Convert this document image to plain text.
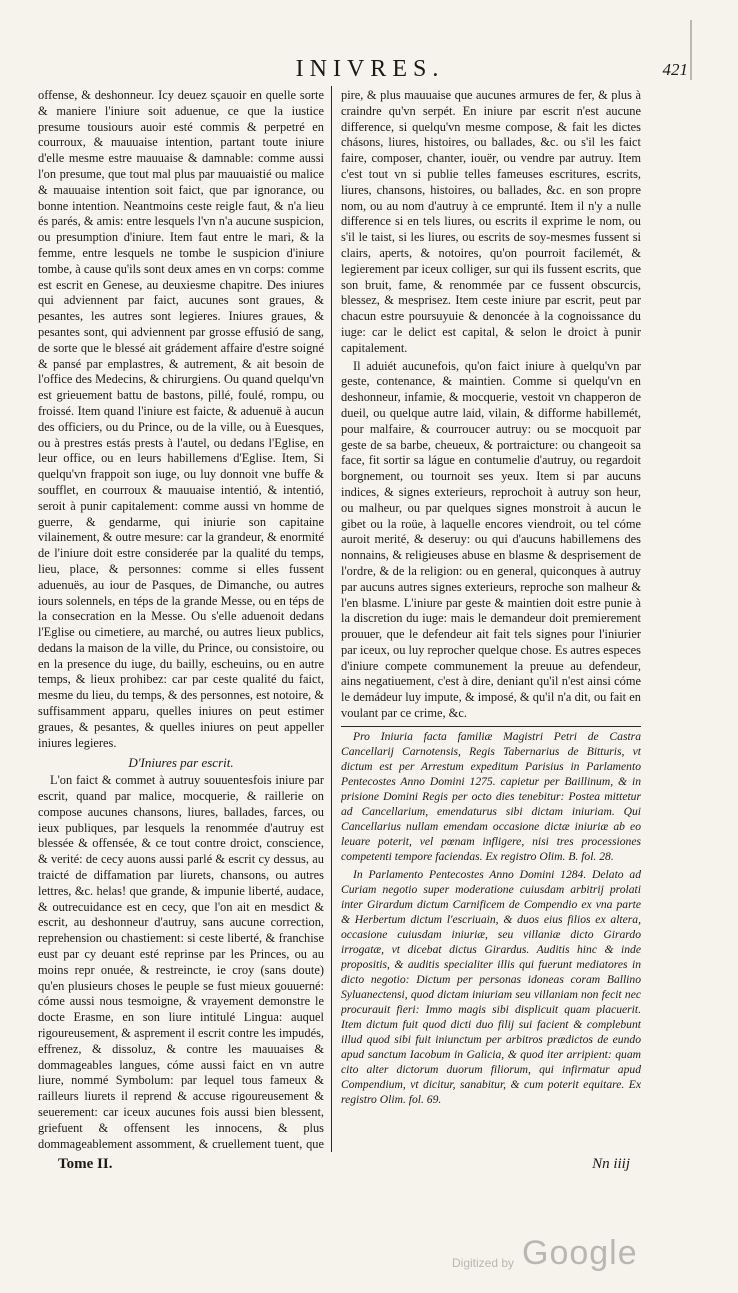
INIVRES.	421

offense, & deshonneur. Icy deuez sçauoir en quelle sorte & maniere l'iniure soit aduenue, ce que la iustice presume tousiours auoir esté commis & perpetré en courroux, & mauuaise intention, partant toute iniure d'elle mesme estre mauuaise & damnable: comme aussi l'on presume, que tout mal plus par mauuaistié ou malice & mauuaise intention soit faict, que par ignorance, ou bonne intention. Neantmoins ceste reigle faut, & n'a lieu és parés, & amis: entre lesquels l'vn n'a aucune suspicion, ou presumption d'iniure. Item faut entre le mari, & la femme, entre lesquels ne tombe le suspicion d'iniure tombe, à cause qu'ils sont deux ames en vn corps: comme est escrit en Genese, au deuxiesme chapitre. Des iniures qui adviennent par faict, aucunes sont graues, & pesantes, les autres sont legieres. Iniures graues, & pesantes sont, qui adviennent par grosse effusió de sang, de sorte que le blessé ait grádement affaire d'estre soigné & pansé par emplastres, & autrement, & ait besoin de l'office des Medecins, & chirurgiens. Ou quand quelqu'vn est grieuement battu de bastons, pillé, foulé, rompu, ou froissé. Item quand l'iniure est faicte, & aduenuë à aucun des officiers, ou du Prince, ou de la ville, ou à Euesques, ou à prestres estás prests à l'autel, ou dedans l'Eglise, en leur office, ou en leurs habillemens d'Eglise. Item, Si quelqu'vn frappoit son iuge, ou luy donnoit vne buffe & soufflet, en courroux & mauuaise intentió, & intentió, seroit à punir capitalement: comme aussi vn homme de guerre, & gendarme, qui iniurie son capitaine vilainement, & outre mesure: car la grandeur, & enormité de l'iniure doit estre considerée par la qualité du temps, lieu, place, & personnes: comme si elles fussent aduenuës, au iour de Pasques, de Dimanche, ou autres iours solennels, en téps de la grande Messe, ou en téps de la consecration en la Messe. Ou s'elle aduenoit dedans l'Eglise ou cimetiere, au marché, ou autres lieux publics, dedans la maison de la ville, du Prince, ou consistoire, ou en la presence du iuge, du bailly, escheuins, ou en autre temps, & lieux prohibez: car par ceste qualité du faict, mesme du lieu, du temps, & des personnes, est notoire, & suffisamment apparu, quelles iniures on peut estimer graues, & pesantes, & quelles iniures on peut appeller iniures legieres.

D'Iniures par escrit.

L'on faict & commet à autruy souuentesfois iniure par escrit, quand par malice, mocquerie, & raillerie on compose aucunes chansons, liures, ballades, farces, ou ieux publiques, par lesquels la renommée d'autruy est blessée & offensée, & ce tout contre droict, conscience, & verité: de cecy auons aussi parlé & escrit cy dessus, au traicté de diffamation par liurets, chansons, ou autres lettres, &c. helas! que grande, & impunie liberté, audace, & outrecuidance est en cecy, que l'on ait en mesdict & escrit, au deshonneur d'autruy, sans aucune correction, reprehension ou chastiement: si ceste liberté, & franchise eust par cy deuant esté reprinse par les Princes, ou au moins repr onuée, & restreincte, ie croy (sans doute) qu'en plusieurs choses le peuple se fust mieux gouuerné: cóme aussi nous tesmoigne, & vrayement demonstre le docte Erasme, en son liure intitulé Lingua: auquel rigoureusement, & asprement il escrit contre les impudés, effrenez, & dissoluz, & contre les mauuaises & dommageables langues, cóme aussi faict en vn autre liure, nommé Symbolum: par lequel tous fameux & railleurs liurets il reprend & accuse rigoureusement & seuerement: car iceux aucunes fois aussi bien blessent, griefuent & offensent les innocens, & plus dommageablement assomment, & cruellement tuent, que

pire, & plus mauuaise que aucunes armures de fer, & plus à craindre qu'vn serpét. En iniure par escrit n'est aucune difference, si quelqu'vn mesme compose, & fait les dictes chásons, liures, histoires, ou ballades, &c. ou s'il les faict faire, composer, chanter, iouër, ou vendre par autruy. Item c'est tout vn si publie telles fameuses escritures, escrits, liures, chansons, histoires, ou ballades, &c. en son propre nom, ou au nom d'autruy à ce emprunté. Item il n'y a nulle difference si en tels liures, ou escrits il exprime le nom, ou s'il le taist, si les liures, ou escrits de soy-mesmes fussent si clairs, aperts, & notoires, qu'on pourroit facilemét, & legierement par iceux colliger, sur qui ils fussent escrits, que son bruit, fame, & renommée par ce fussent obscurcis, blessez, & mesprisez. Item ceste iniure par escrit, peut par chacun estre poursuyuie & denoncée à la cognoissance du iuge: car le delict est capital, & selon le droict à punir capitalement.

Il aduiét aucunefois, qu'on faict iniure à quelqu'vn par geste, contenance, & maintien. Comme si quelqu'vn en deshonneur, infamie, & mocquerie, vestoit vn chapperon de dueil, ou quelque autre laid, vilain, & difforme habillemét, pour malfaire, & courroucer autruy: ou se mocquoit par geste de sa barbe, cheueux, & portraicture: ou changeoit sa face, fit sortir sa lágue en contumelie d'autruy, ou regardoit borgnement, ou tournoit ses yeux. Item si par aucuns indices, & signes exterieurs, reprochoit à autruy son heur, ou malheur, ou par quelques signes monstroit à aucun le gibet ou la roüe, à laquelle encores viendroit, ou tel cóme auroit merité, & deseruy: ou qui d'aucuns habillemens des nonnains, & religieuses abuse en blasme & desprisement de l'ordre, & de la religion: ou en general, quiconques à autruy par aucuns autres signes exterieurs, reproche son malheur & l'en blasme. L'iniure par geste & maintien doit estre punie à la discretion du iuge: mais le demandeur doit premierement prouuer, que le defendeur ait fait tels signes pour l'iniurier par iceux, ou luy reprocher quelque chose. Es autres especes d'iniure compete communement la preuue au defendeur, ains negatiuement, c'est à dire, deniant qu'il n'est ainsi cóme le demádeur luy impute, & imposé, & qu'il n'a dit, ou fait en voulant par ce crime, &c.

Pro Iniuria facta familiæ Magistri Petri de Castra Cancellarij Carnotensis, Regis Tabernarius de Bitturis, vt dictum est per Arrestum expeditum Parisius in Parlamento Pentecostes Anno Domini 1275. capietur per Baillinum, & in prisione Domini Regis per octo dies tenebitur: Postea mittetur ad Cancellarium, emendaturus sibi dictam iniuriam. Qui Cancellarius nullam emendam occasione dictæ iniuriæ ab eo leuare poterit, vel pœnam infligere, nisi tres processiones competenti tempore faciendas. Ex registro Olim. B. fol. 28.

In Parlamento Pentecostes Anno Domini 1284. Delato ad Curiam negotio super moderatione cuiusdam arbitrij prolati inter Girardum dictum Carnificem de Compendio ex vna parte & Herbertum dictum l'escriuain, & duos eius filios ex altera, occasione cuiusdam iniuriæ, seu villaniæ dicto Girardo irrogatæ, vt dicebat dictus Girardus. Auditis hinc & inde propositis, & auditis specialiter illis qui fuerunt mediatores in dicto negotio: Dictum per personas idoneas coram Ballino Syluanectensi, quod dictam iniuriam seu villaniam non fecit nec procurauit fieri: Immo magis sibi displicuit quam placuerit. Item dictum fuit quod dicti duo filij sui facient & complebunt illud quod sibi fuit iniunctum per arbitros prædictos de eundo apud sanctum Iacobum in Galicia, & quod iter arripient: quam cito alter dictorum duorum filiorum, qui infirmatur apud Compendium, vt dicitur, sanabitur, & cum poterit equitare. Ex registro Olim. fol. 69.

Tome II.	Nn iiij
Digitized by Google
